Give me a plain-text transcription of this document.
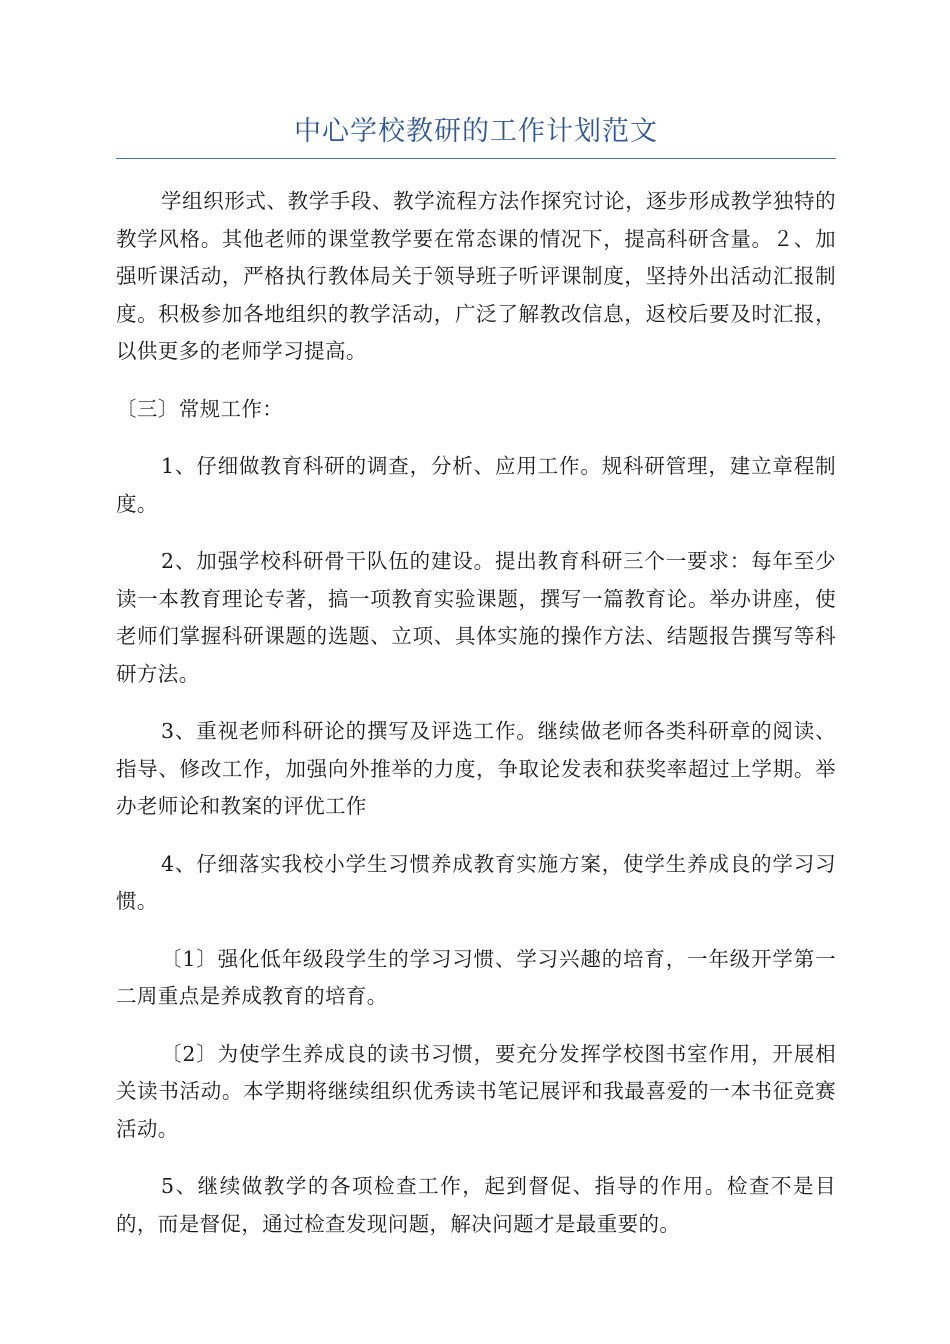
中心学校教研的工作计划范文

学组织形式、教学手段、教学流程方法作探究讨论，逐步形成教学独特的教学风格。其他老师的课堂教学要在常态课的情况下，提高科研含量。２、加强听课活动，严格执行教体局关于领导班子听评课制度，坚持外出活动汇报制度。积极参加各地组织的教学活动，广泛了解教改信息，返校后要及时汇报，以供更多的老师学习提高。

〔三〕常规工作：

1、仔细做教育科研的调查，分析、应用工作。规科研管理，建立章程制度。

2、加强学校科研骨干队伍的建设。提出教育科研三个一要求：每年至少读一本教育理论专著，搞一项教育实验课题，撰写一篇教育论。举办讲座，使老师们掌握科研课题的选题、立项、具体实施的操作方法、结题报告撰写等科研方法。

3、重视老师科研论的撰写及评选工作。继续做老师各类科研章的阅读、指导、修改工作，加强向外推举的力度，争取论发表和获奖率超过上学期。举办老师论和教案的评优工作

4、仔细落实我校小学生习惯养成教育实施方案，使学生养成良的学习习惯。

〔1〕强化低年级段学生的学习习惯、学习兴趣的培育，一年级开学第一二周重点是养成教育的培育。

〔2〕为使学生养成良的读书习惯，要充分发挥学校图书室作用，开展相关读书活动。本学期将继续组织优秀读书笔记展评和我最喜爱的一本书征竞赛活动。

5、继续做教学的各项检查工作，起到督促、指导的作用。检查不是目的，而是督促，通过检查发现问题，解决问题才是最重要的。
